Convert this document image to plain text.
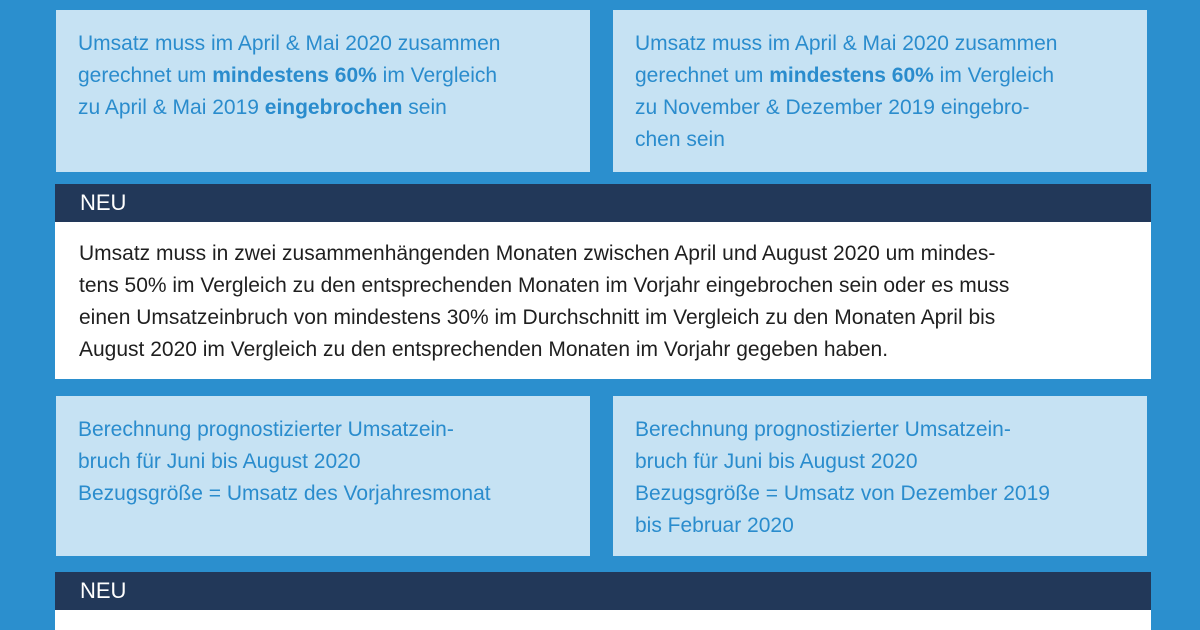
Umsatz muss im April & Mai 2020 zusammen
gerechnet um mindestens 60% im Vergleich
zu April & Mai 2019 eingebrochen sein
Umsatz muss im April & Mai 2020 zusammen
gerechnet um mindestens 60% im Vergleich
zu November & Dezember 2019 eingebro-
chen sein
NEU
Umsatz muss in zwei zusammenhängenden Monaten zwischen April und August 2020 um mindes-
tens 50% im Vergleich zu den entsprechenden Monaten im Vorjahr eingebrochen sein oder es muss
einen Umsatzeinbruch von mindestens 30% im Durchschnitt im Vergleich zu den Monaten April bis
August 2020 im Vergleich zu den entsprechenden Monaten im Vorjahr gegeben haben.
Berechnung prognostizierter Umsatzein-
bruch für Juni bis August 2020
Bezugsgröße = Umsatz des Vorjahresmonat
Berechnung prognostizierter Umsatzein-
bruch für Juni bis August 2020
Bezugsgröße = Umsatz von Dezember 2019
bis Februar 2020
NEU
